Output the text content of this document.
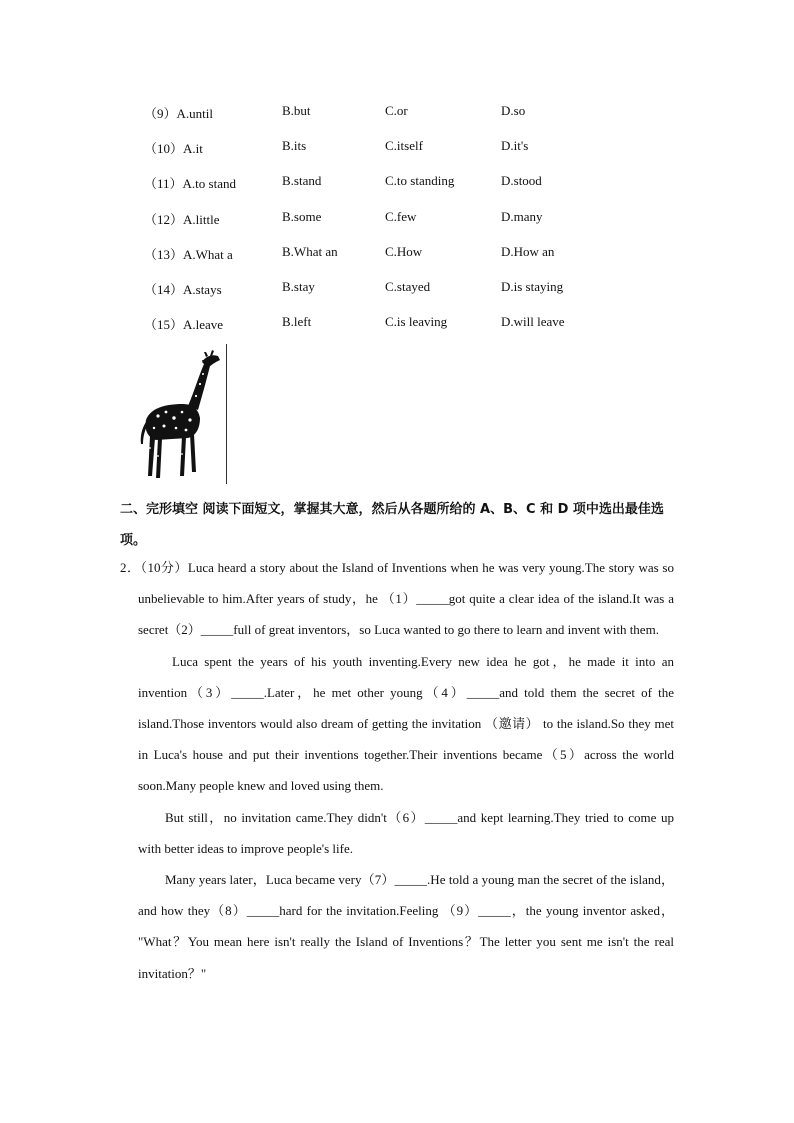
（9）A.until	B.but	C.or	D.so
（10）A.it	B.its	C.itself	D.it's
（11）A.to stand	B.stand	C.to standing	D.stood
（12）A.little	B.some	C.few	D.many
（13）A.What a	B.What an	C.How	D.How an
（14）A.stays	B.stay	C.stayed	D.is staying
（15）A.leave	B.left	C.is leaving	D.will leave
二、完形填空 阅读下面短文，掌握其大意，然后从各题所给的 A、B、C 和 D 项中选出最佳选项。

2．（10分）Luca heard a story about the Island of Inventions when he was very young.The story was so unbelievable to him.After years of study，he （1）_____got quite a clear idea of the island.It was a secret（2）_____full of great inventors，so Luca wanted to go there to learn and invent with them.

Luca spent the years of his youth inventing.Every new idea he got，he made it into an invention（3）_____.Later，he met other young（4）_____and told them the secret of the island.Those inventors would also dream of getting the invitation （邀请） to the island.So they met in Luca's house and put their inventions together.Their inventions became（5）across the world soon.Many people knew and loved using them.

But still，no invitation came.They didn't（6）_____and kept learning.They tried to come up with better ideas to improve people's life.

Many years later，Luca became very（7）_____.He told a young man the secret of the island，and how they（8）_____hard for the invitation.Feeling （9）_____，the young inventor asked， "What？You mean here isn't really the Island of Inventions？The letter you sent me isn't the real invitation？"
